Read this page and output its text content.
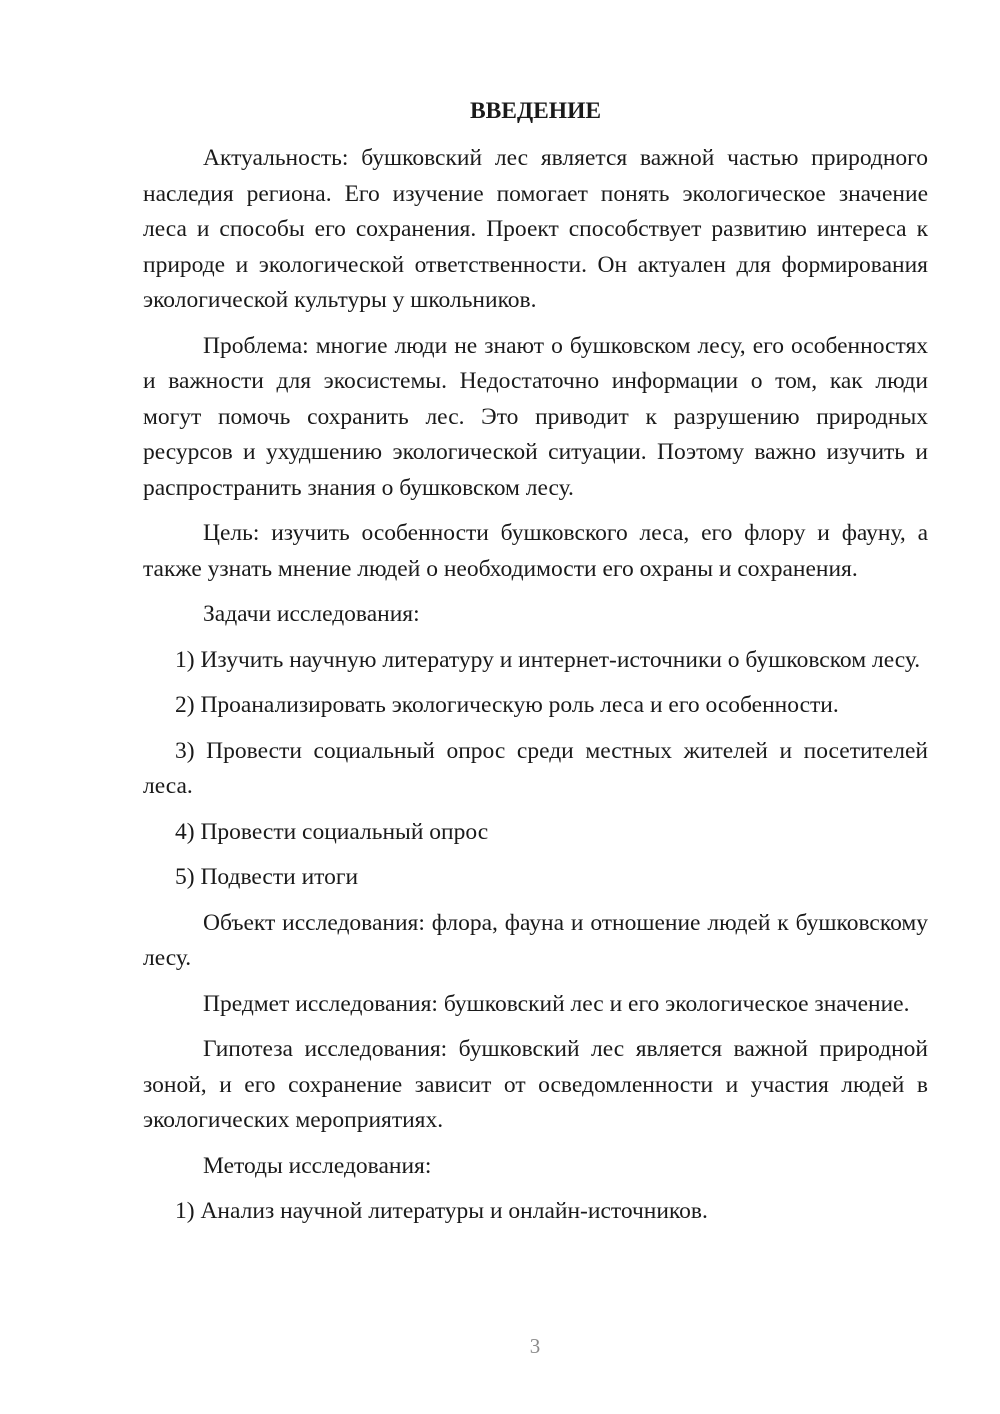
ВВЕДЕНИЕ

Актуальность: бушковский лес является важной частью природного наследия региона. Его изучение помогает понять экологическое значение леса и способы его сохранения. Проект способствует развитию интереса к природе и экологической ответственности. Он актуален для формирования экологической культуры у школьников.

Проблема: многие люди не знают о бушковском лесу, его особенностях и важности для экосистемы. Недостаточно информации о том, как люди могут помочь сохранить лес. Это приводит к разрушению природных ресурсов и ухудшению экологической ситуации. Поэтому важно изучить и распространить знания о бушковском лесу.

Цель: изучить особенности бушковского леса, его флору и фауну, а также узнать мнение людей о необходимости его охраны и сохранения.

Задачи исследования:

1) Изучить научную литературу и интернет-источники о бушковском лесу.

2) Проанализировать экологическую роль леса и его особенности.

3) Провести социальный опрос среди местных жителей и посетителей леса.

4) Провести социальный опрос

5) Подвести итоги

Объект исследования: флора, фауна и отношение людей к бушковскому лесу.

Предмет исследования: бушковский лес и его экологическое значение.

Гипотеза исследования: бушковский лес является важной природной зоной, и его сохранение зависит от осведомленности и участия людей в экологических мероприятиях.

Методы исследования:

1) Анализ научной литературы и онлайн-источников.

3
